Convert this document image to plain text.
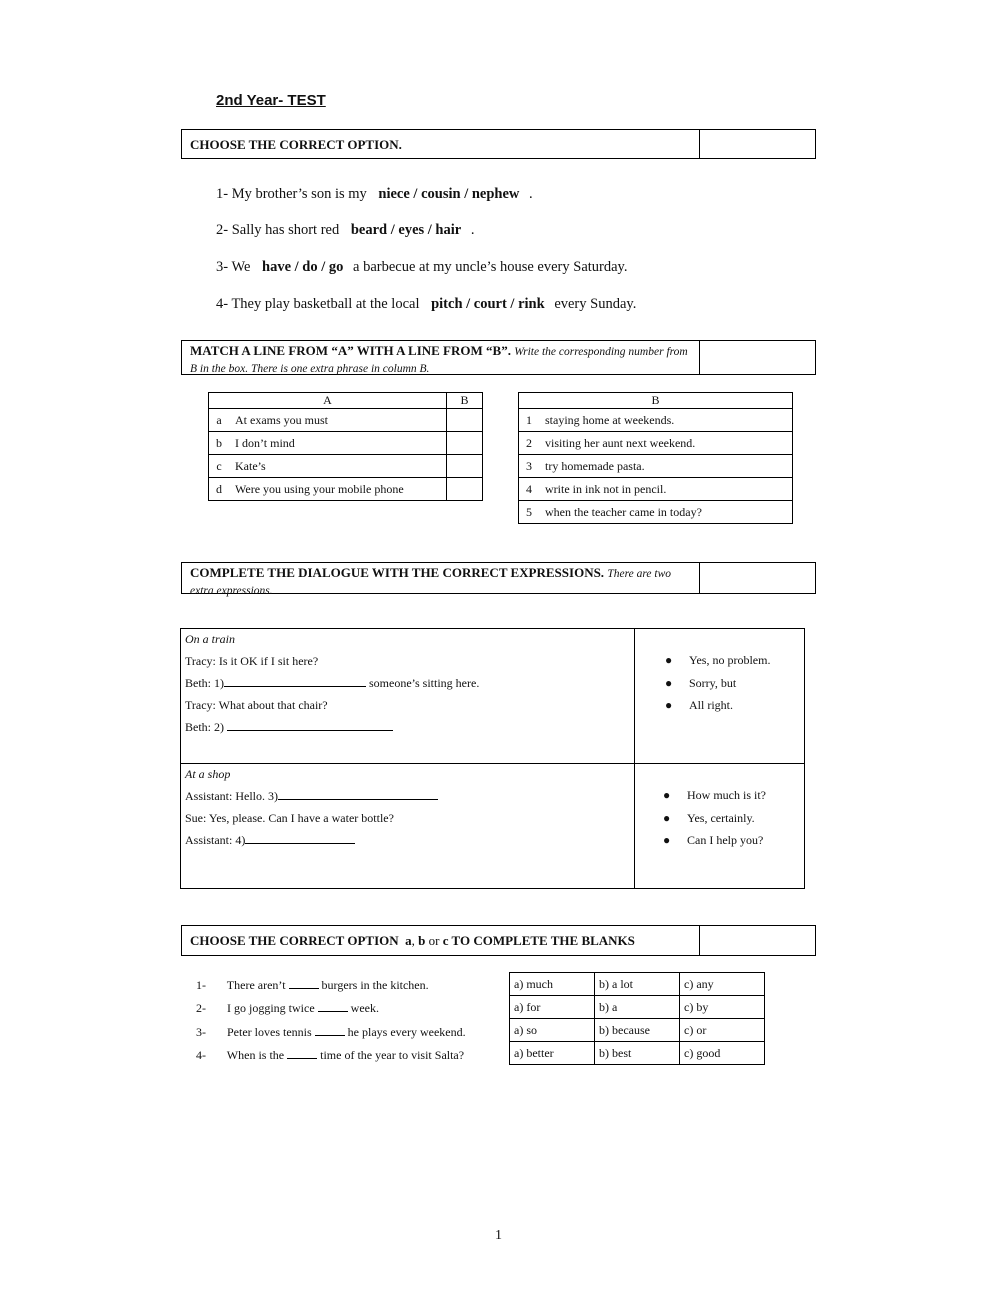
2nd Year- TEST
CHOOSE THE CORRECT OPTION.
1- My brother’s son is my niece / cousin / nephew .
2- Sally has short red beard / eyes / hair .
3- We have / do / go a barbecue at my uncle’s house every Saturday.
4- They play basketball at the local pitch / court / rink every Sunday.
MATCH A LINE FROM “A” WITH A LINE FROM “B”. Write the corresponding number from B in the box. There is one extra phrase in column B.
A		B
a	At exams you must	
b	I don’t mind	
c	Kate’s	
d	Were you using your mobile phone	
B	
1	staying home at weekends.
2	visiting her aunt next weekend.
3	try homemade pasta.
4	write in ink not in pencil.
5	when the teacher came in today?
COMPLETE THE DIALOGUE WITH THE CORRECT EXPRESSIONS. There are two extra expressions.
On a train
Tracy: Is it OK if I sit here?
Beth: 1)	someone’s sitting here.
Tracy: What about that chair?
Beth: 2)
● Yes, no problem.
● Sorry, but
● All right.
At a shop
Assistant: Hello. 3)
Sue: Yes, please. Can I have a water bottle?
Assistant: 4)
● How much is it?
● Yes, certainly.
● Can I help you?
CHOOSE THE CORRECT OPTION a, b or c TO COMPLETE THE BLANKS
1- There aren’t	burgers in the kitchen.
2- I go jogging twice	week.
3- Peter loves tennis	he plays every weekend.
4- When is the	time of the year to visit Salta?
a) much	b) a lot	c) any
a) for	b) a	c) by
a) so	b) because	c) or
a) better	b) best	c) good
1
